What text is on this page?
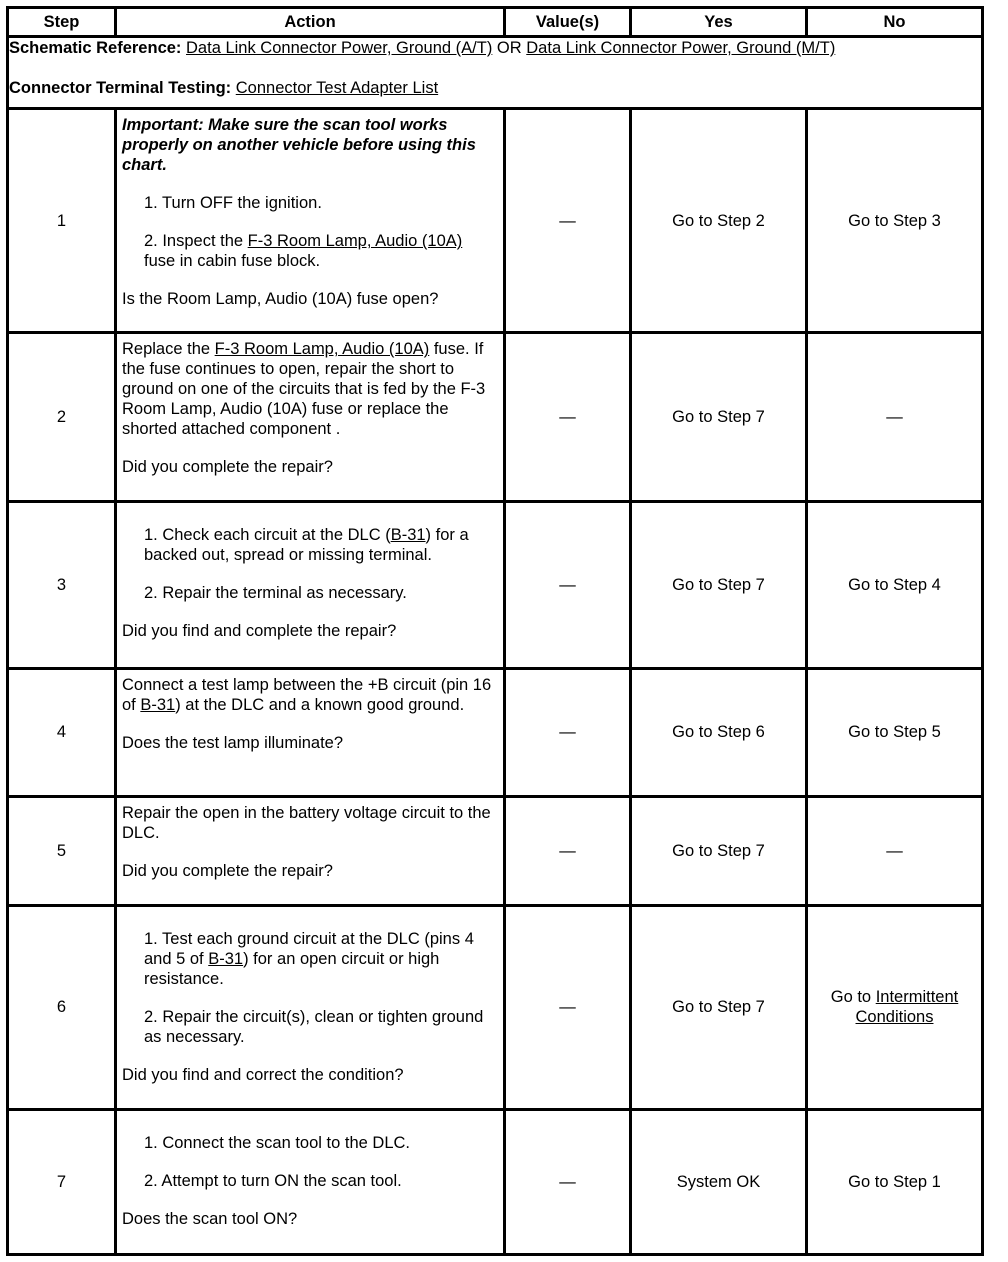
Step	Action	Value(s)	Yes	No

Schematic Reference: Data Link Connector Power, Ground (A/T) OR Data Link Connector Power, Ground (M/T)
Connector Terminal Testing: Connector Test Adapter List				

1	Important: Make sure the scan tool works properly on another vehicle before using this chart.
1. Turn OFF the ignition.
2. Inspect the F-3 Room Lamp, Audio (10A) fuse in cabin fuse block.
Is the Room Lamp, Audio (10A) fuse open?	—	Go to Step 2	Go to Step 3
2	Replace the F-3 Room Lamp, Audio (10A) fuse. If the fuse continues to open, repair the short to ground on one of the circuits that is fed by the F-3 Room Lamp, Audio (10A) fuse or replace the shorted attached component .
Did you complete the repair?	—	Go to Step 7	—
3	1. Check each circuit at the DLC (B-31) for a backed out, spread or missing terminal.
2. Repair the terminal as necessary.
Did you find and complete the repair?	—	Go to Step 7	Go to Step 4
4	Connect a test lamp between the +B circuit (pin 16 of B-31) at the DLC and a known good ground.
Does the test lamp illuminate?	—	Go to Step 6	Go to Step 5
5	Repair the open in the battery voltage circuit to the DLC.
Did you complete the repair?	—	Go to Step 7	—
6	1. Test each ground circuit at the DLC (pins 4 and 5 of B-31) for an open circuit or high resistance.
2. Repair the circuit(s), clean or tighten ground as necessary.
Did you find and correct the condition?	—	Go to Step 7	Go to Intermittent Conditions
7	1. Connect the scan tool to the DLC.
2. Attempt to turn ON the scan tool.
Does the scan tool ON?	—	System OK	Go to Step 1
